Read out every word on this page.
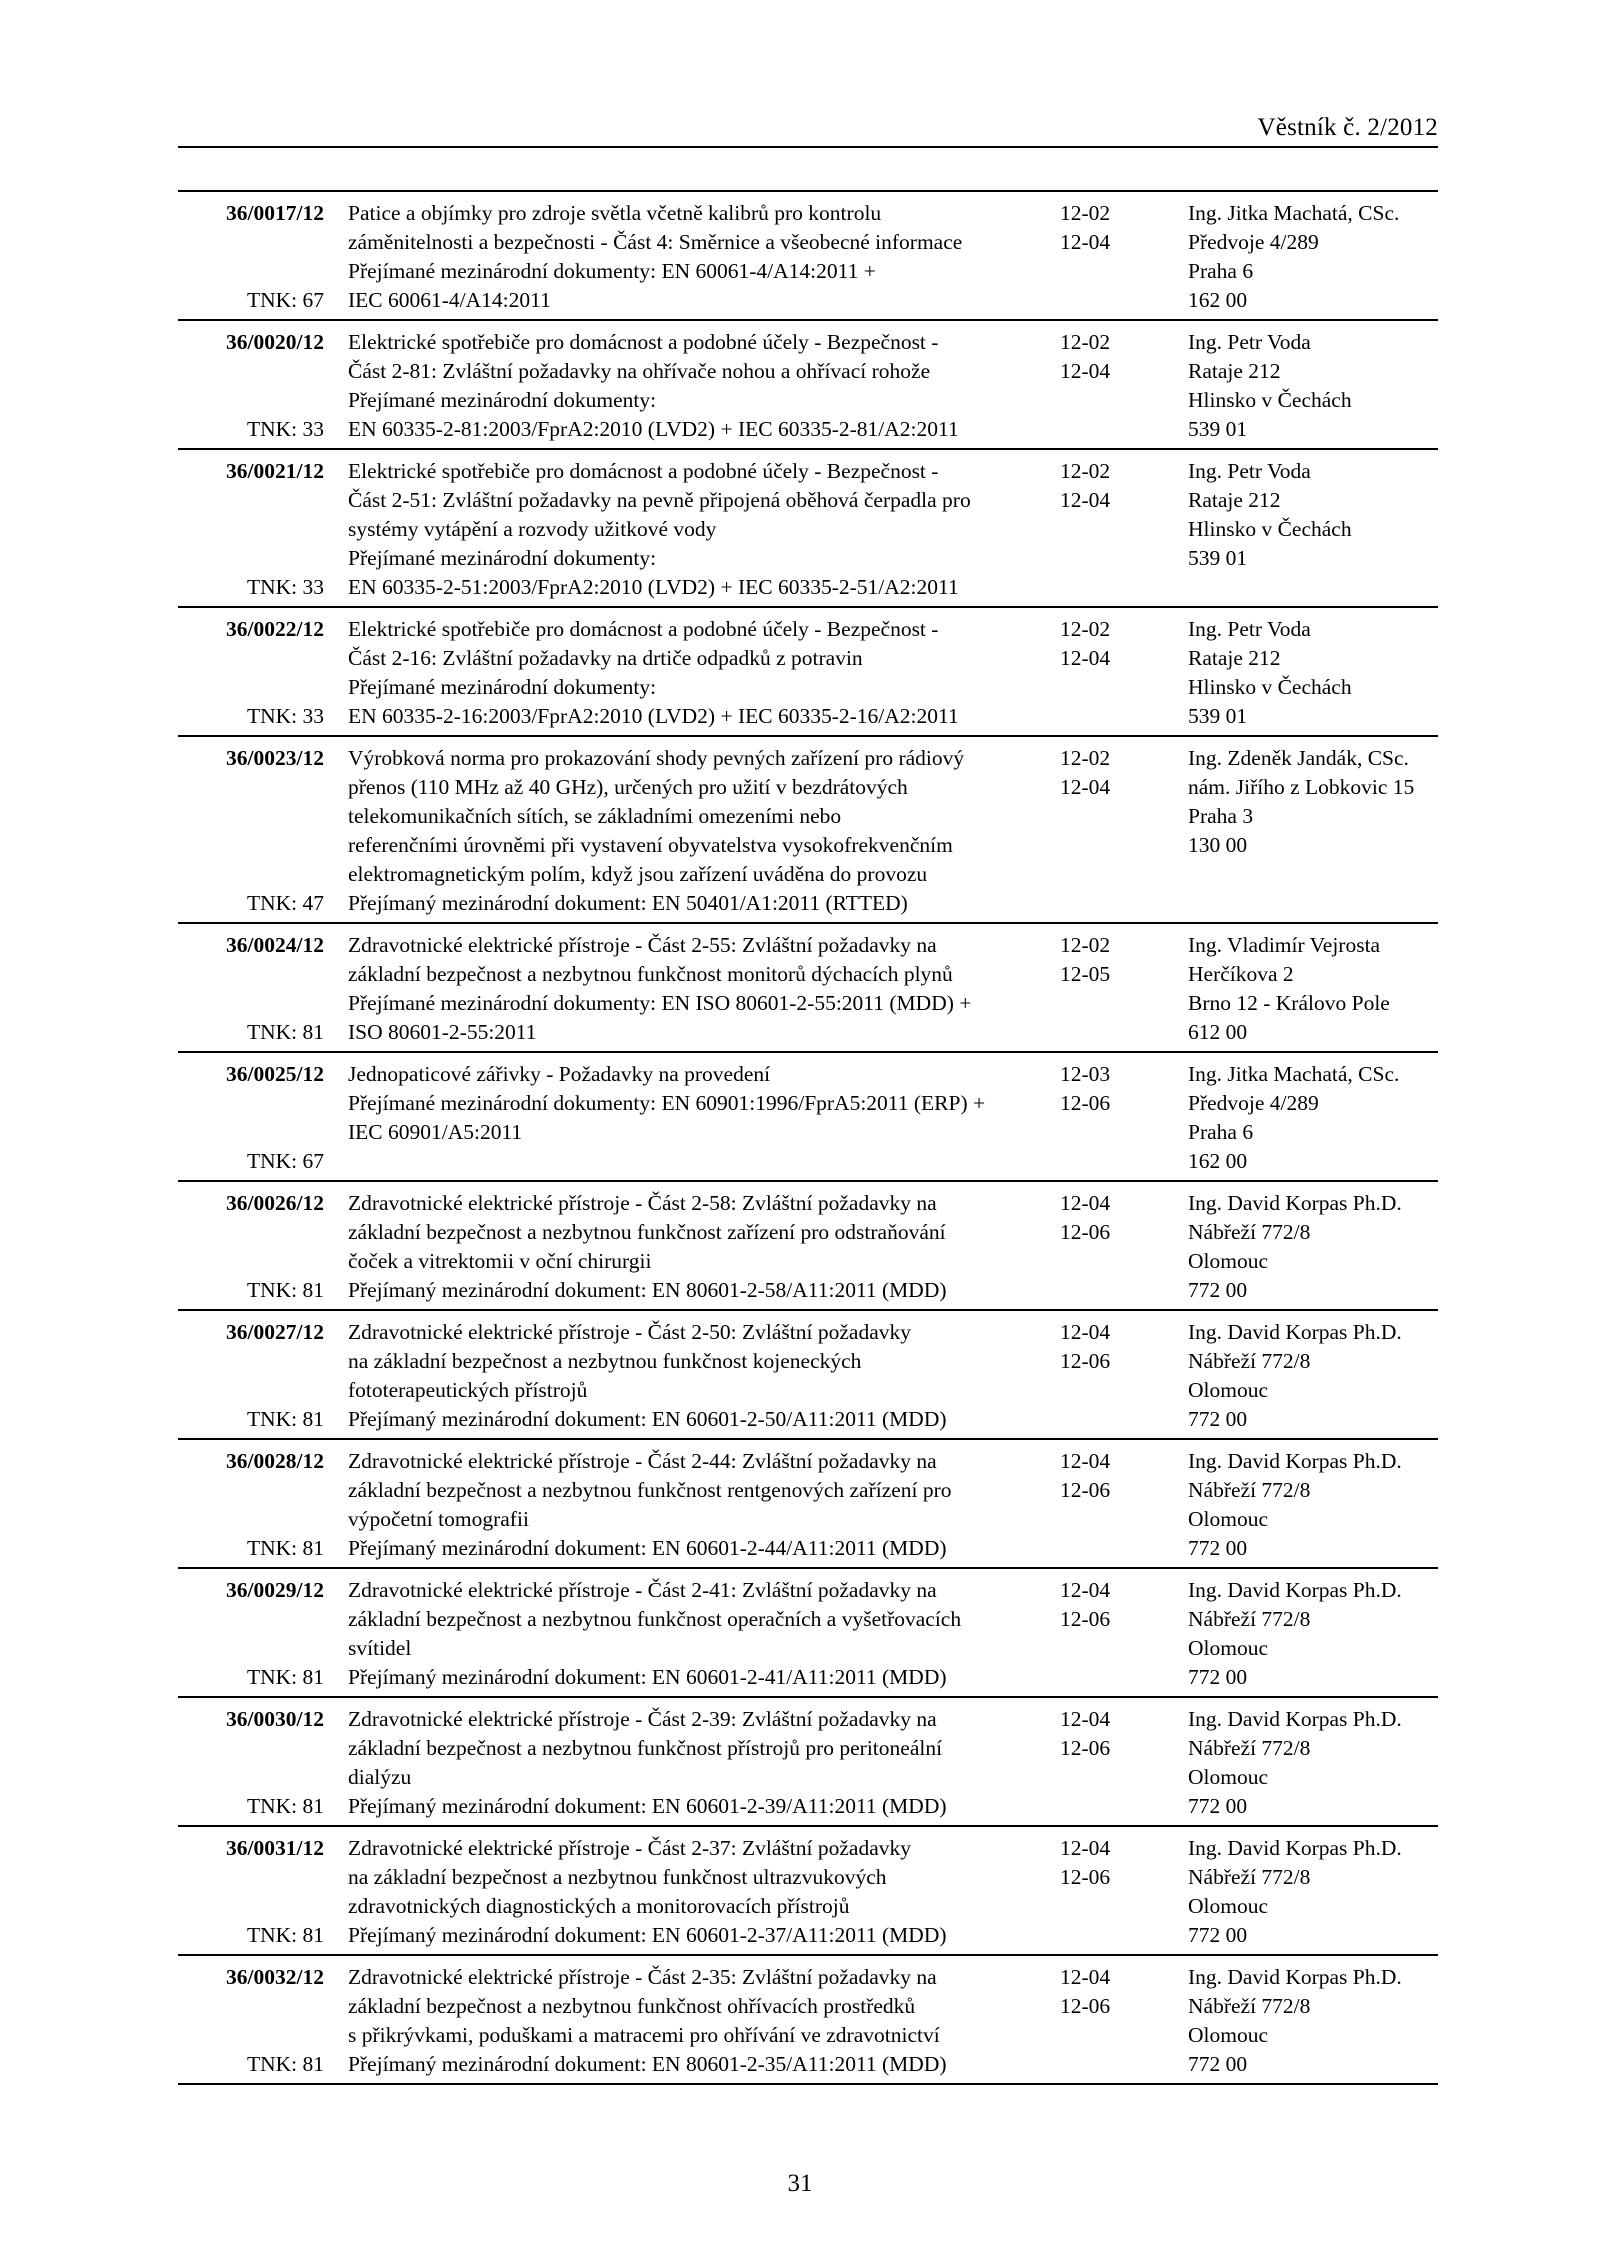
Věstník č. 2/2012
36/0017/12
TNK: 67
Patice a objímky pro zdroje světla včetně kalibrů pro kontrolu
záměnitelnosti a bezpečnosti - Část 4: Směrnice a všeobecné informace
Přejímané mezinárodní dokumenty: EN 60061-4/A14:2011 +
IEC 60061-4/A14:2011
12-02
12-04
Ing. Jitka Machatá, CSc.
Předvoje 4/289
Praha 6
162 00
36/0020/12
TNK: 33
Elektrické spotřebiče pro domácnost a podobné účely - Bezpečnost -
Část 2-81: Zvláštní požadavky na ohřívače nohou a ohřívací rohože
Přejímané mezinárodní dokumenty:
EN 60335-2-81:2003/FprA2:2010 (LVD2) + IEC 60335-2-81/A2:2011
12-02
12-04
Ing. Petr Voda
Rataje 212
Hlinsko v Čechách
539 01
36/0021/12
TNK: 33
Elektrické spotřebiče pro domácnost a podobné účely - Bezpečnost -
Část 2-51: Zvláštní požadavky na pevně připojená oběhová čerpadla pro
systémy vytápění a rozvody užitkové vody
Přejímané mezinárodní dokumenty:
EN 60335-2-51:2003/FprA2:2010 (LVD2) + IEC 60335-2-51/A2:2011
12-02
12-04
Ing. Petr Voda
Rataje 212
Hlinsko v Čechách
539 01
36/0022/12
TNK: 33
Elektrické spotřebiče pro domácnost a podobné účely - Bezpečnost -
Část 2-16: Zvláštní požadavky na drtiče odpadků z potravin
Přejímané mezinárodní dokumenty:
EN 60335-2-16:2003/FprA2:2010 (LVD2) + IEC 60335-2-16/A2:2011
12-02
12-04
Ing. Petr Voda
Rataje 212
Hlinsko v Čechách
539 01
36/0023/12
TNK: 47
Výrobková norma pro prokazování shody pevných zařízení pro rádiový
přenos (110 MHz až 40 GHz), určených pro užití v bezdrátových
telekomunikačních sítích, se základními omezeními nebo
referenčními úrovněmi při vystavení obyvatelstva vysokofrekvenčním
elektromagnetickým polím, když jsou zařízení uváděna do provozu
Přejímaný mezinárodní dokument: EN 50401/A1:2011 (RTTED)
12-02
12-04
Ing. Zdeněk Jandák, CSc.
nám. Jiřího z Lobkovic 15
Praha 3
130 00
36/0024/12
TNK: 81
Zdravotnické elektrické přístroje - Část 2-55: Zvláštní požadavky na
základní bezpečnost a nezbytnou funkčnost monitorů dýchacích plynů
Přejímané mezinárodní dokumenty: EN ISO 80601-2-55:2011 (MDD) +
ISO 80601-2-55:2011
12-02
12-05
Ing. Vladimír Vejrosta
Herčíkova 2
Brno 12 - Královo Pole
612 00
36/0025/12
TNK: 67
Jednopaticové zářivky - Požadavky na provedení
Přejímané mezinárodní dokumenty: EN 60901:1996/FprA5:2011 (ERP) +
IEC 60901/A5:2011
12-03
12-06
Ing. Jitka Machatá, CSc.
Předvoje 4/289
Praha 6
162 00
36/0026/12
TNK: 81
Zdravotnické elektrické přístroje - Část 2-58: Zvláštní požadavky na
základní bezpečnost a nezbytnou funkčnost zařízení pro odstraňování
čoček a vitrektomii v oční chirurgii
Přejímaný mezinárodní dokument: EN 80601-2-58/A11:2011 (MDD)
12-04
12-06
Ing. David Korpas Ph.D.
Nábřeží 772/8
Olomouc
772 00
36/0027/12
TNK: 81
Zdravotnické elektrické přístroje - Část 2-50: Zvláštní požadavky
na základní bezpečnost a nezbytnou funkčnost kojeneckých
fototerapeutických přístrojů
Přejímaný mezinárodní dokument: EN 60601-2-50/A11:2011 (MDD)
12-04
12-06
Ing. David Korpas Ph.D.
Nábřeží 772/8
Olomouc
772 00
36/0028/12
TNK: 81
Zdravotnické elektrické přístroje - Část 2-44: Zvláštní požadavky na
základní bezpečnost a nezbytnou funkčnost rentgenových zařízení pro
výpočetní tomografii
Přejímaný mezinárodní dokument: EN 60601-2-44/A11:2011 (MDD)
12-04
12-06
Ing. David Korpas Ph.D.
Nábřeží 772/8
Olomouc
772 00
36/0029/12
TNK: 81
Zdravotnické elektrické přístroje - Část 2-41: Zvláštní požadavky na
základní bezpečnost a nezbytnou funkčnost operačních a vyšetřovacích
svítidel
Přejímaný mezinárodní dokument: EN 60601-2-41/A11:2011 (MDD)
12-04
12-06
Ing. David Korpas Ph.D.
Nábřeží 772/8
Olomouc
772 00
36/0030/12
TNK: 81
Zdravotnické elektrické přístroje - Část 2-39: Zvláštní požadavky na
základní bezpečnost a nezbytnou funkčnost přístrojů pro peritoneální
dialýzu
Přejímaný mezinárodní dokument: EN 60601-2-39/A11:2011 (MDD)
12-04
12-06
Ing. David Korpas Ph.D.
Nábřeží 772/8
Olomouc
772 00
36/0031/12
TNK: 81
Zdravotnické elektrické přístroje - Část 2-37: Zvláštní požadavky
na základní bezpečnost a nezbytnou funkčnost ultrazvukových
zdravotnických diagnostických a monitorovacích přístrojů
Přejímaný mezinárodní dokument: EN 60601-2-37/A11:2011 (MDD)
12-04
12-06
Ing. David Korpas Ph.D.
Nábřeží 772/8
Olomouc
772 00
36/0032/12
TNK: 81
Zdravotnické elektrické přístroje - Část 2-35: Zvláštní požadavky na
základní bezpečnost a nezbytnou funkčnost ohřívacích prostředků
s přikrývkami, poduškami a matracemi pro ohřívání ve zdravotnictví
Přejímaný mezinárodní dokument: EN 80601-2-35/A11:2011 (MDD)
12-04
12-06
Ing. David Korpas Ph.D.
Nábřeží 772/8
Olomouc
772 00
31
